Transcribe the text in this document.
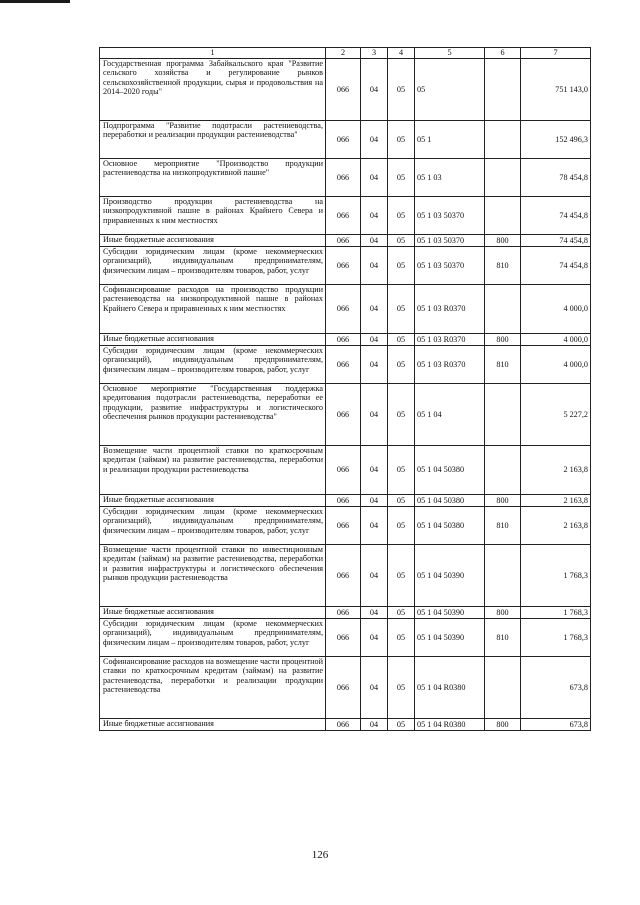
1	2	3	4	5	6	7
Государственная программа Забайкальского края "Развитие сельского хозяйства и регулирование рынков сельскохозяйственной продукции, сырья и продовольствия на 2014–2020 годы"	066	04	05	05		751 143,0
Подпрограмма "Развитие подотрасли растениеводства, переработки и реализации продукции растениеводства"	066	04	05	05 1		152 496,3
Основное мероприятие "Производство продукции растениеводства на низкопродуктивной пашне"	066	04	05	05 1 03		78 454,8
Производство продукции растениеводства на низкопродуктивной пашне в районах Крайнего Севера и приравненных к ним местностях	066	04	05	05 1 03 50370		74 454,8
Иные бюджетные ассигнования	066	04	05	05 1 03 50370	800	74 454,8
Субсидии юридическим лицам (кроме некоммерческих организаций), индивидуальным предпринимателям, физическим лицам – производителям товаров, работ, услуг	066	04	05	05 1 03 50370	810	74 454,8
Софинансирование расходов на производство продукции растениеводства на низкопродуктивной пашне в районах Крайнего Севера и приравненных к ним местностях	066	04	05	05 1 03 R0370		4 000,0
Иные бюджетные ассигнования	066	04	05	05 1 03 R0370	800	4 000,0
Субсидии юридическим лицам (кроме некоммерческих организаций), индивидуальным предпринимателям, физическим лицам – производителям товаров, работ, услуг	066	04	05	05 1 03 R0370	810	4 000,0
Основное мероприятие "Государственная поддержка кредитования подотрасли растениеводства, переработки ее продукции, развитие инфраструктуры и логистического обеспечения рынков продукции растениеводства"	066	04	05	05 1 04		5 227,2
Возмещение части процентной ставки по краткосрочным кредитам (займам) на развитие растениеводства, переработки и реализации продукции растениеводства	066	04	05	05 1 04 50380		2 163,8
Иные бюджетные ассигнования	066	04	05	05 1 04 50380	800	2 163,8
Субсидии юридическим лицам (кроме некоммерческих организаций), индивидуальным предпринимателям, физическим лицам – производителям товаров, работ, услуг	066	04	05	05 1 04 50380	810	2 163,8
Возмещение части процентной ставки по инвестиционным кредитам (займам) на развитие растениеводства, переработки и развития инфраструктуры и логистического обеспечения рынков продукции растениеводства	066	04	05	05 1 04 50390		1 768,3
Иные бюджетные ассигнования	066	04	05	05 1 04 50390	800	1 768,3
Субсидии юридическим лицам (кроме некоммерческих организаций), индивидуальным предпринимателям, физическим лицам – производителям товаров, работ, услуг	066	04	05	05 1 04 50390	810	1 768,3
Софинансирование расходов на возмещение части процентной ставки по краткосрочным кредитам (займам) на развитие растениеводства, переработки и реализации продукции растениеводства	066	04	05	05 1 04 R0380		673,8
Иные бюджетные ассигнования	066	04	05	05 1 04 R0380	800	673,8
126
